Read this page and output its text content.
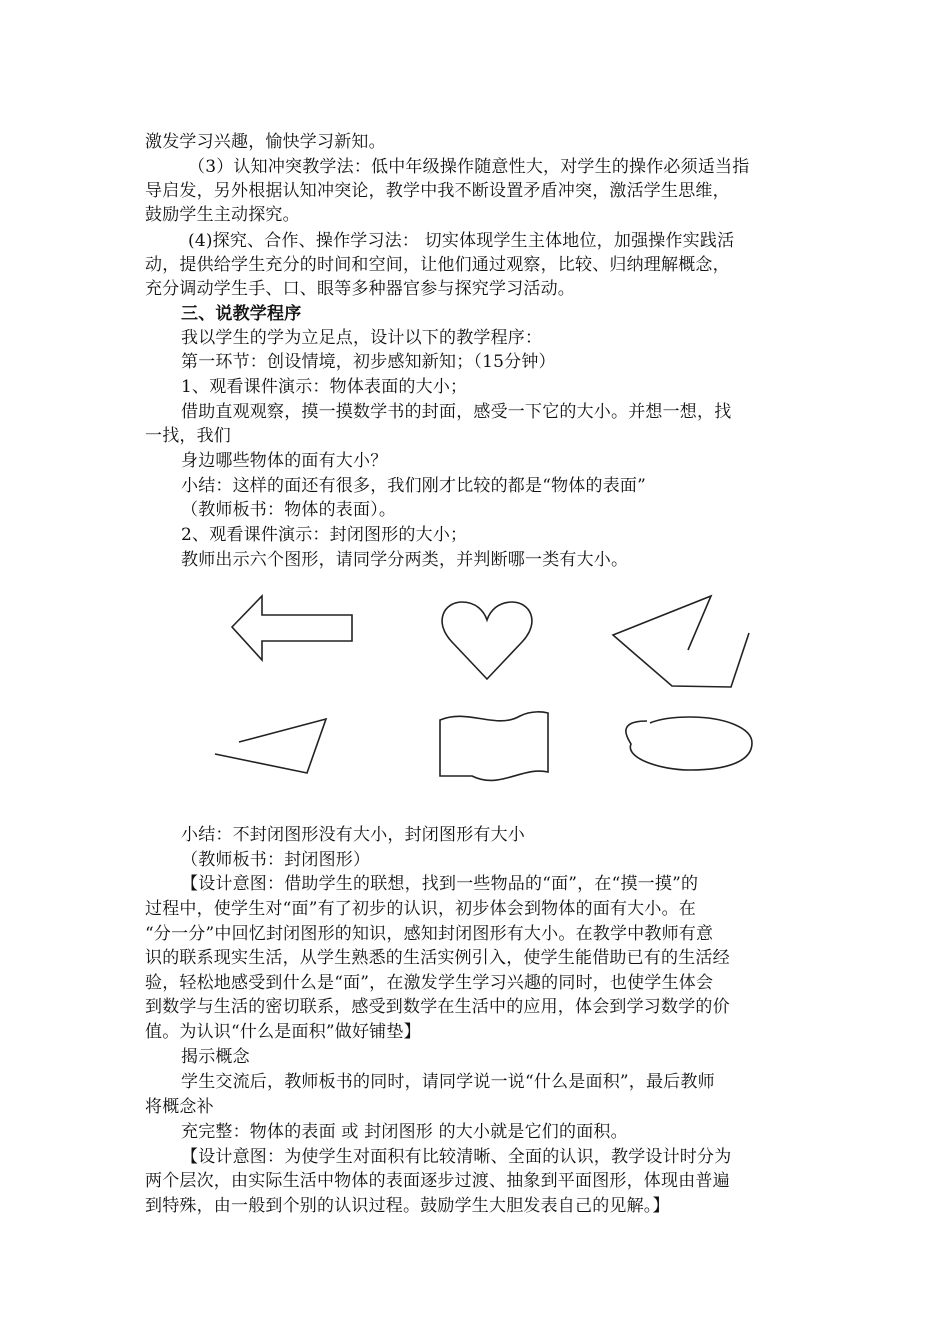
激发学习兴趣，愉快学习新知。
（3）认知冲突教学法：低中年级操作随意性大，对学生的操作必须适当指
导启发，另外根据认知冲突论，教学中我不断设置矛盾冲突，激活学生思维，
鼓励学生主动探究。
(4)探究、合作、操作学习法： 切实体现学生主体地位，加强操作实践活
动，提供给学生充分的时间和空间，让他们通过观察，比较、归纳理解概念，
充分调动学生手、口、眼等多种器官参与探究学习活动。
三、说教学程序
我以学生的学为立足点，设计以下的教学程序：
第一环节：创设情境，初步感知新知；（15分钟）
1、观看课件演示：物体表面的大小；
借助直观观察，摸一摸数学书的封面，感受一下它的大小。并想一想，找
一找，我们
身边哪些物体的面有大小？
小结：这样的面还有很多，我们刚才比较的都是“物体的表面”
（教师板书：物体的表面）。
2、观看课件演示：封闭图形的大小；
教师出示六个图形，请同学分两类，并判断哪一类有大小。
小结：不封闭图形没有大小，封闭图形有大小
（教师板书：封闭图形）
【设计意图：借助学生的联想，找到一些物品的“面”，在“摸一摸”的
过程中，使学生对“面”有了初步的认识，初步体会到物体的面有大小。在
“分一分”中回忆封闭图形的知识，感知封闭图形有大小。在教学中教师有意
识的联系现实生活，从学生熟悉的生活实例引入，使学生能借助已有的生活经
验，轻松地感受到什么是“面”，在激发学生学习兴趣的同时，也使学生体会
到数学与生活的密切联系，感受到数学在生活中的应用，体会到学习数学的价
值。为认识“什么是面积”做好铺垫】
揭示概念
学生交流后，教师板书的同时，请同学说一说“什么是面积”，最后教师
将概念补
充完整：物体的表面 或 封闭图形 的大小就是它们的面积。
【设计意图：为使学生对面积有比较清晰、全面的认识，教学设计时分为
两个层次，由实际生活中物体的表面逐步过渡、抽象到平面图形，体现由普遍
到特殊，由一般到个别的认识过程。鼓励学生大胆发表自己的见解。】
